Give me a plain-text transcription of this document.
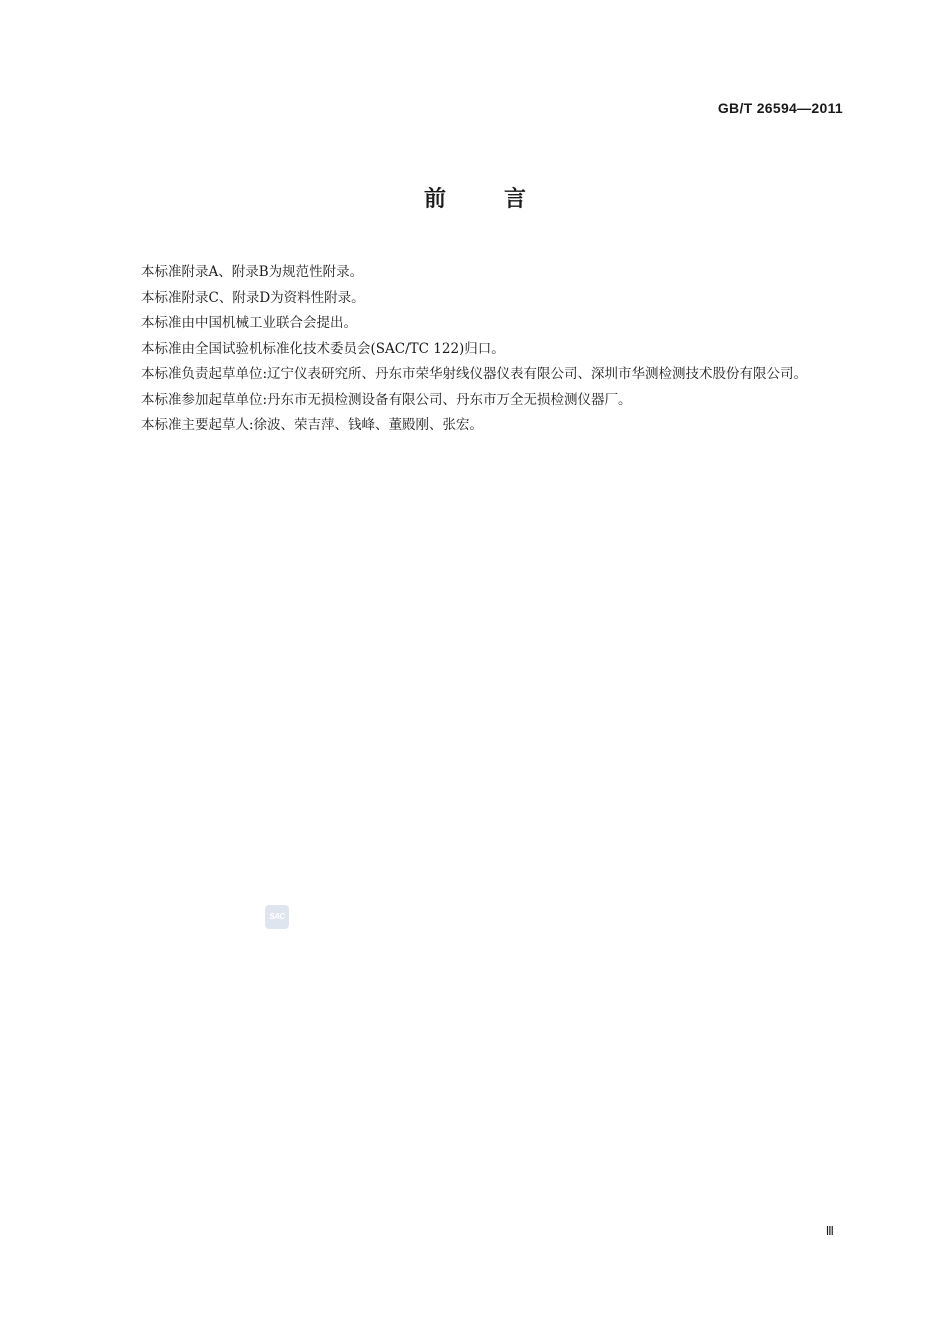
GB/T 26594—2011
前	言

本标准附录A、附录B为规范性附录。

本标准附录C、附录D为资料性附录。

本标准由中国机械工业联合会提出。

本标准由全国试验机标准化技术委员会(SAC/TC 122)归口。

本标准负责起草单位:辽宁仪表研究所、丹东市荣华射线仪器仪表有限公司、深圳市华测检测技术股份有限公司。

本标准参加起草单位:丹东市无损检测设备有限公司、丹东市万全无损检测仪器厂。

本标准主要起草人:徐波、荣吉萍、钱峰、董殿刚、张宏。

SAC
Ⅲ
